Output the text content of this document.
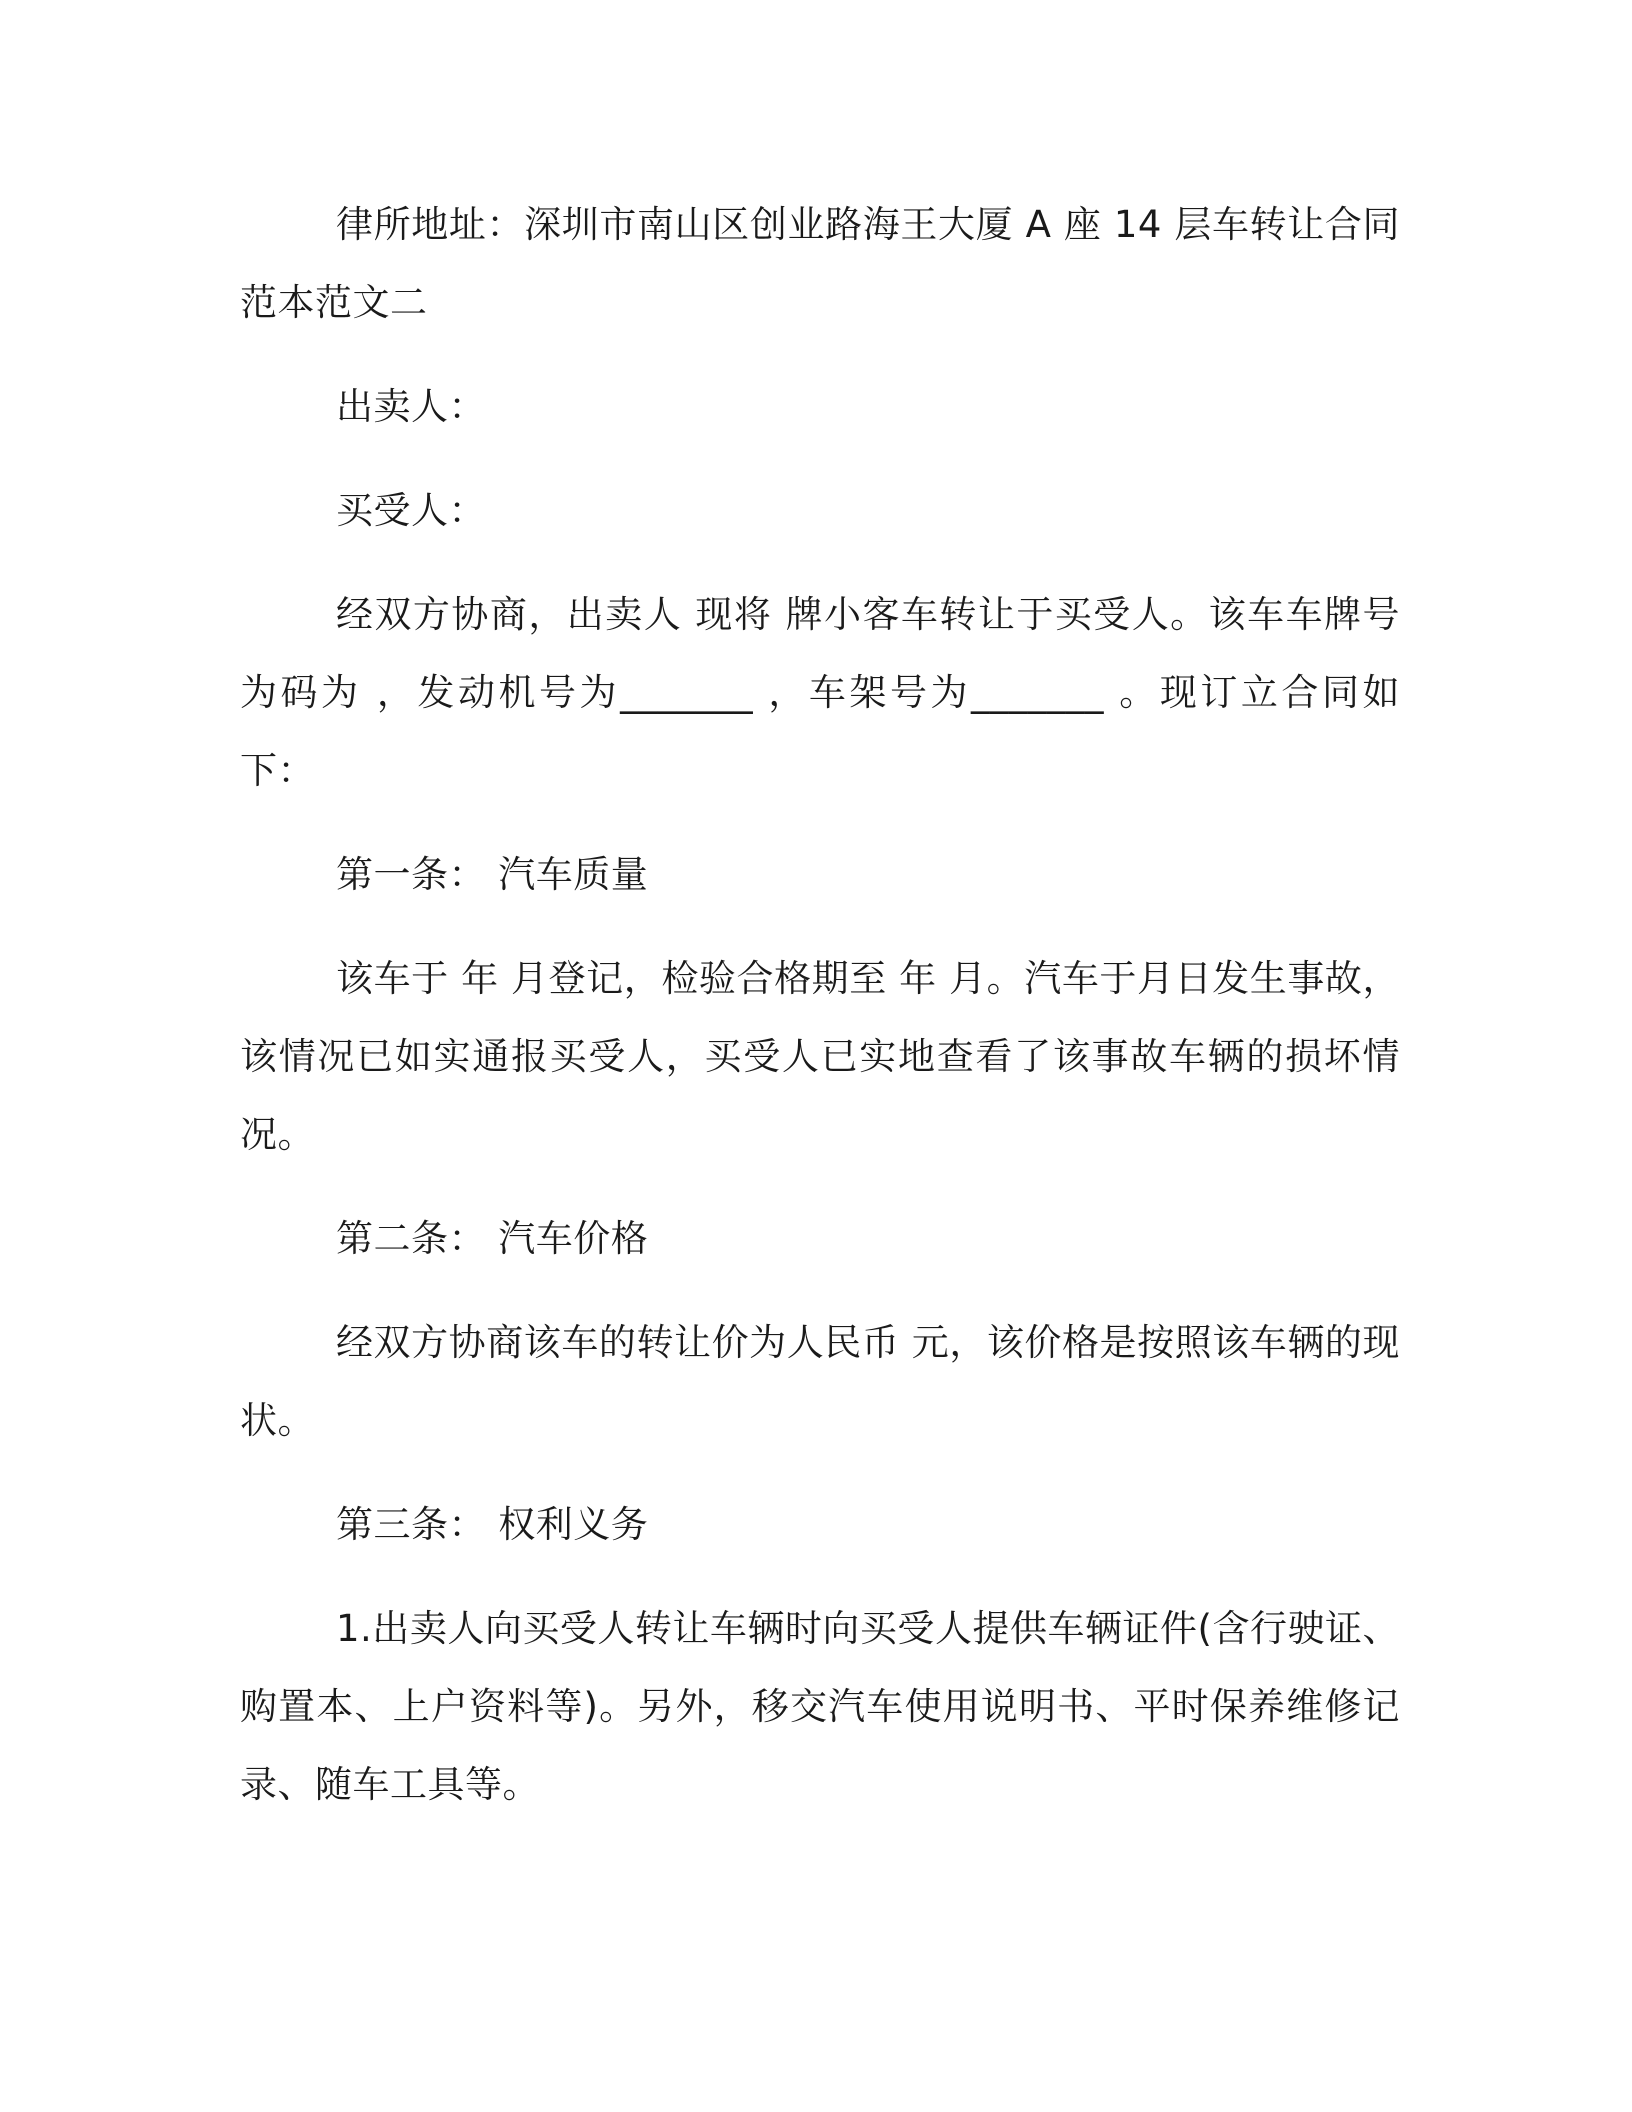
律所地址：深圳市南山区创业路海王大厦 A 座 14 层车转让合同范本范文二

出卖人：

买受人：

经双方协商，出卖人 现将 牌小客车转让于买受人。该车车牌号为码为 ，发动机号为_______ ，车架号为_______ 。现订立合同如下：

第一条： 汽车质量

该车于 年 月登记，检验合格期至 年 月。汽车于月日发生事故，该情况已如实通报买受人，买受人已实地查看了该事故车辆的损坏情况。

第二条： 汽车价格

经双方协商该车的转让价为人民币 元，该价格是按照该车辆的现状。

第三条： 权利义务

1.出卖人向买受人转让车辆时向买受人提供车辆证件(含行驶证、购置本、上户资料等)。另外，移交汽车使用说明书、平时保养维修记录、随车工具等。
